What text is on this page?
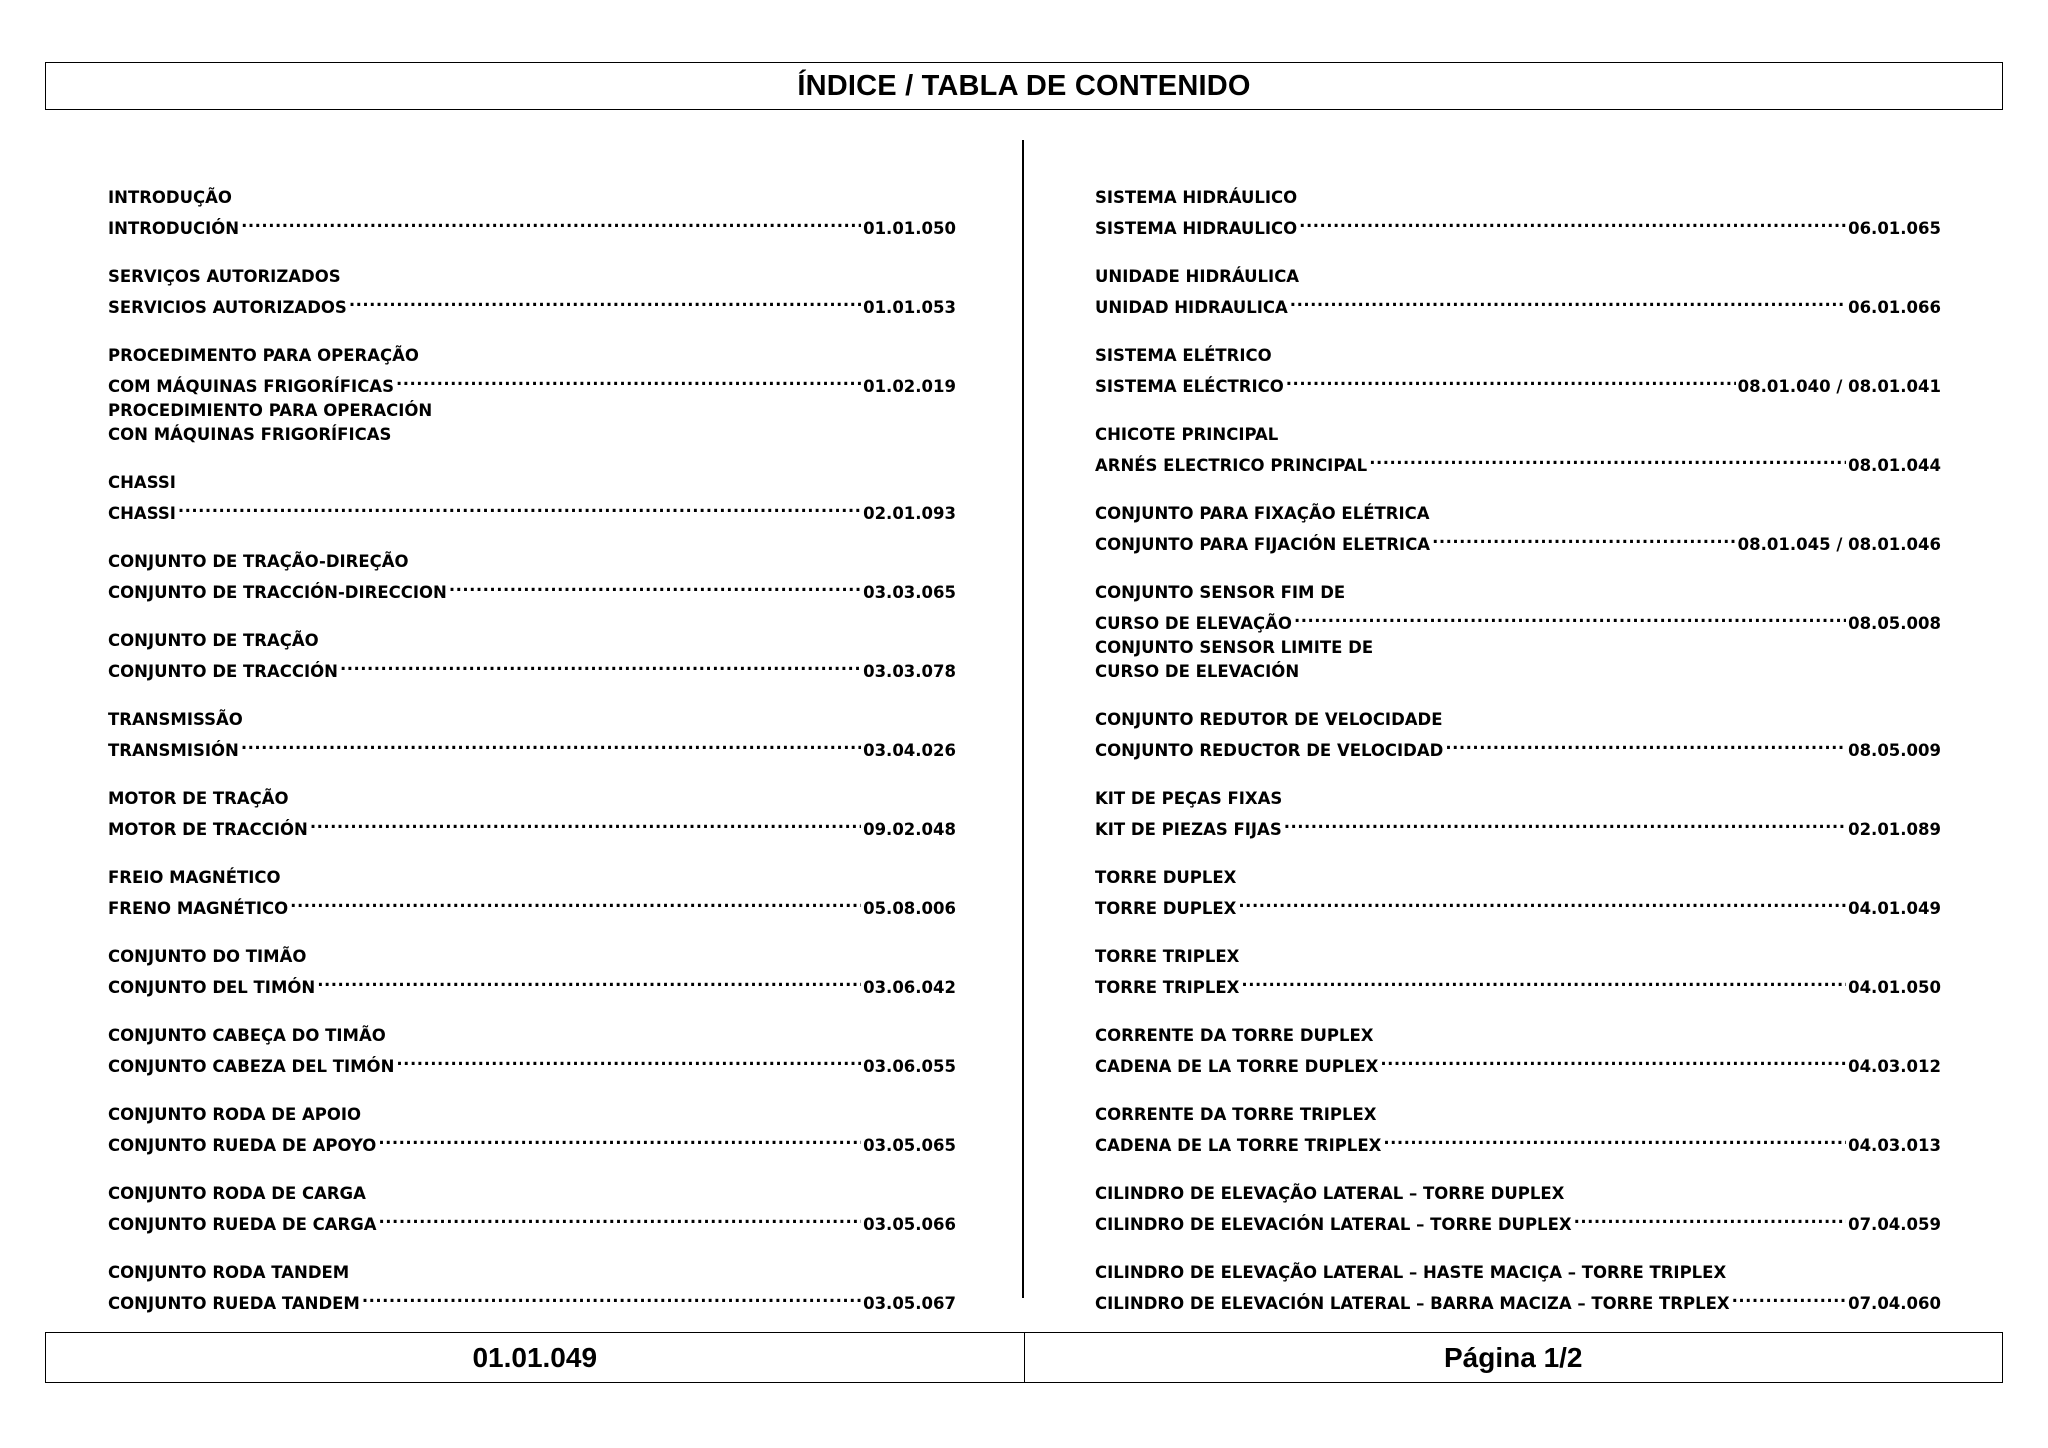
ÍNDICE / TABLA DE CONTENIDO
INTRODUÇÃO
INTRODUCIÓN .....	01.01.050
SERVIÇOS AUTORIZADOS
SERVICIOS AUTORIZADOS .....	01.01.053
PROCEDIMENTO PARA OPERAÇÃO
COM MÁQUINAS FRIGORÍFICAS .....	01.02.019
PROCEDIMIENTO PARA OPERACIÓN
CON MÁQUINAS FRIGORÍFICAS
CHASSI
CHASSI .....	02.01.093
CONJUNTO DE TRAÇÃO-DIREÇÃO
CONJUNTO DE TRACCIÓN-DIRECCION .....	03.03.065
CONJUNTO DE TRAÇÃO
CONJUNTO DE TRACCIÓN .....	03.03.078
TRANSMISSÃO
TRANSMISIÓN .....	03.04.026
MOTOR DE TRAÇÃO
MOTOR DE TRACCIÓN .....	09.02.048
FREIO MAGNÉTICO
FRENO MAGNÉTICO .....	05.08.006
CONJUNTO DO TIMÃO
CONJUNTO DEL TIMÓN .....	03.06.042
CONJUNTO CABEÇA DO TIMÃO
CONJUNTO CABEZA DEL TIMÓN .....	03.06.055
CONJUNTO RODA DE APOIO
CONJUNTO RUEDA DE APOYO .....	03.05.065
CONJUNTO RODA DE CARGA
CONJUNTO RUEDA DE CARGA .....	03.05.066
CONJUNTO RODA TANDEM
CONJUNTO RUEDA TANDEM .....	03.05.067
SISTEMA HIDRÁULICO
SISTEMA HIDRAULICO .....	06.01.065
UNIDADE HIDRÁULICA
UNIDAD HIDRAULICA .....	06.01.066
SISTEMA ELÉTRICO
SISTEMA ELÉCTRICO .....	08.01.040 / 08.01.041
CHICOTE PRINCIPAL
ARNÉS ELECTRICO PRINCIPAL .....	08.01.044
CONJUNTO PARA FIXAÇÃO ELÉTRICA
CONJUNTO PARA FIJACIÓN ELETRICA .....	08.01.045 / 08.01.046
CONJUNTO SENSOR FIM DE
CURSO DE ELEVAÇÃO .....	08.05.008
CONJUNTO SENSOR LIMITE DE
CURSO DE ELEVACIÓN
CONJUNTO REDUTOR DE VELOCIDADE
CONJUNTO REDUCTOR DE VELOCIDAD .....	08.05.009
KIT DE PEÇAS FIXAS
KIT DE PIEZAS FIJAS .....	02.01.089
TORRE DUPLEX
TORRE DUPLEX .....	04.01.049
TORRE TRIPLEX
TORRE TRIPLEX .....	04.01.050
CORRENTE DA TORRE DUPLEX
CADENA DE LA TORRE DUPLEX .....	04.03.012
CORRENTE DA TORRE TRIPLEX
CADENA DE LA TORRE TRIPLEX .....	04.03.013
CILINDRO DE ELEVAÇÃO LATERAL – TORRE DUPLEX
CILINDRO DE ELEVACIÓN LATERAL – TORRE DUPLEX .....	07.04.059
CILINDRO DE ELEVAÇÃO LATERAL – HASTE MACIÇA – TORRE TRIPLEX
CILINDRO DE ELEVACIÓN LATERAL – BARRA MACIZA – TORRE TRPLEX .....	07.04.060
01.01.049	Página 1/2
